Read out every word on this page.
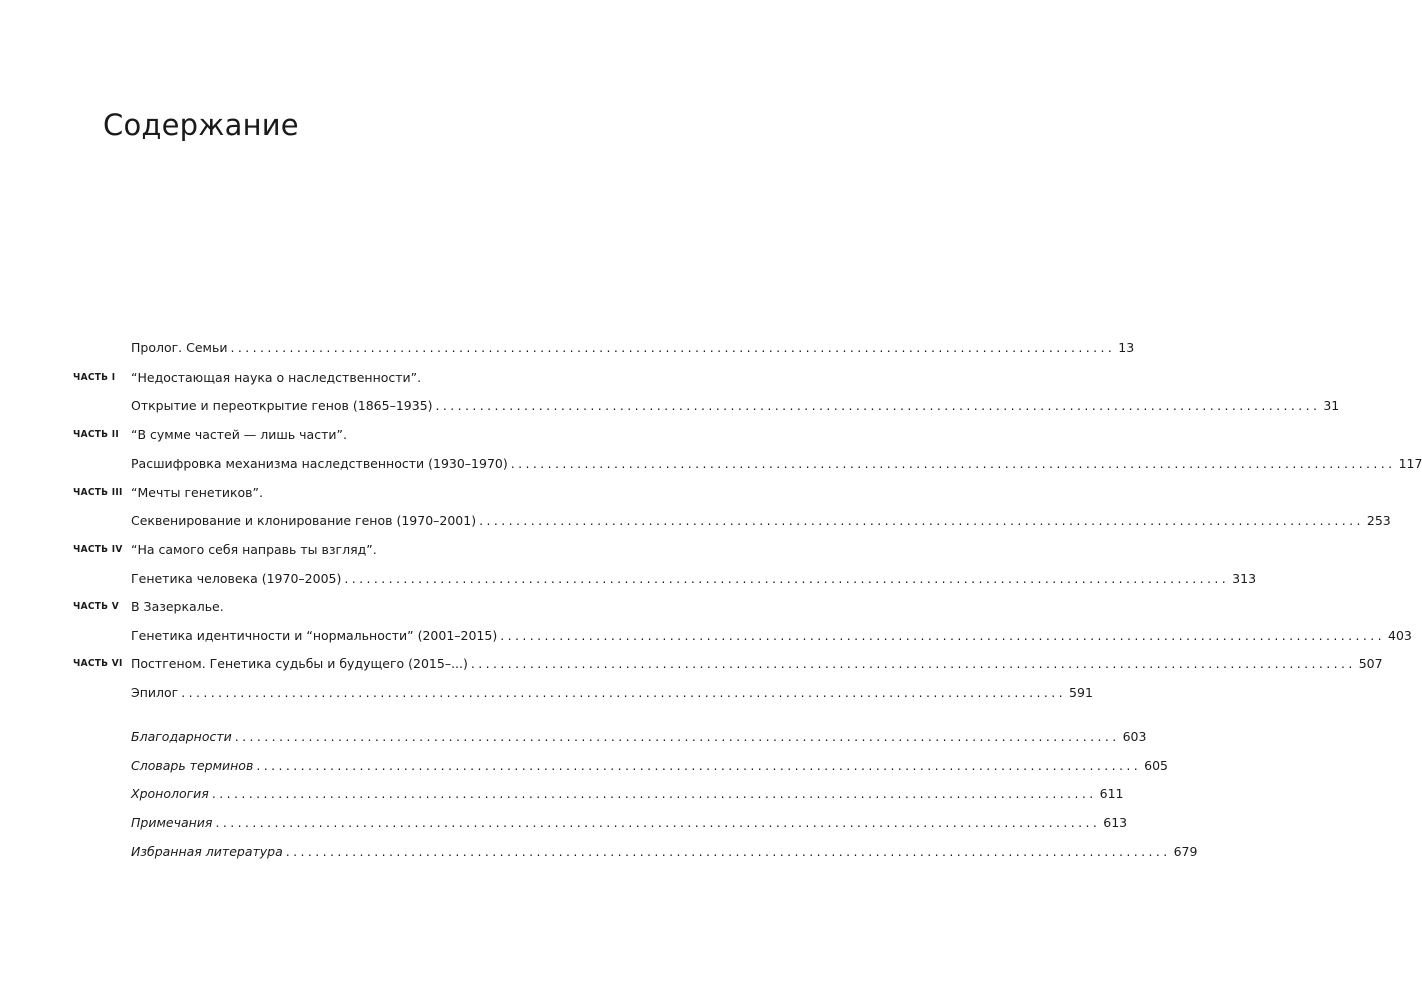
Содержание
Пролог. Семьи ........................................................................................................................ 13
ЧАСТЬ I “Недостающая наука о наследственности”.
Открытие и переоткрытие генов (1865–1935) ........................................................................................................................ 31
ЧАСТЬ II “В сумме частей — лишь части”.
Расшифровка механизма наследственности (1930–1970) ........................................................................................................................ 117
ЧАСТЬ III “Мечты генетиков”.
Секвенирование и клонирование генов (1970–2001) ........................................................................................................................ 253
ЧАСТЬ IV “На самого себя направь ты взгляд”.
Генетика человека (1970–2005) ........................................................................................................................ 313
ЧАСТЬ V В Зазеркалье.
Генетика идентичности и “нормальности” (2001–2015) ........................................................................................................................ 403
ЧАСТЬ VI Постгеном. Генетика судьбы и будущего (2015–...) ........................................................................................................................ 507
Эпилог ........................................................................................................................ 591
Благодарности ........................................................................................................................ 603
Словарь терминов ........................................................................................................................ 605
Хронология ........................................................................................................................ 611
Примечания ........................................................................................................................ 613
Избранная литература ........................................................................................................................ 679
